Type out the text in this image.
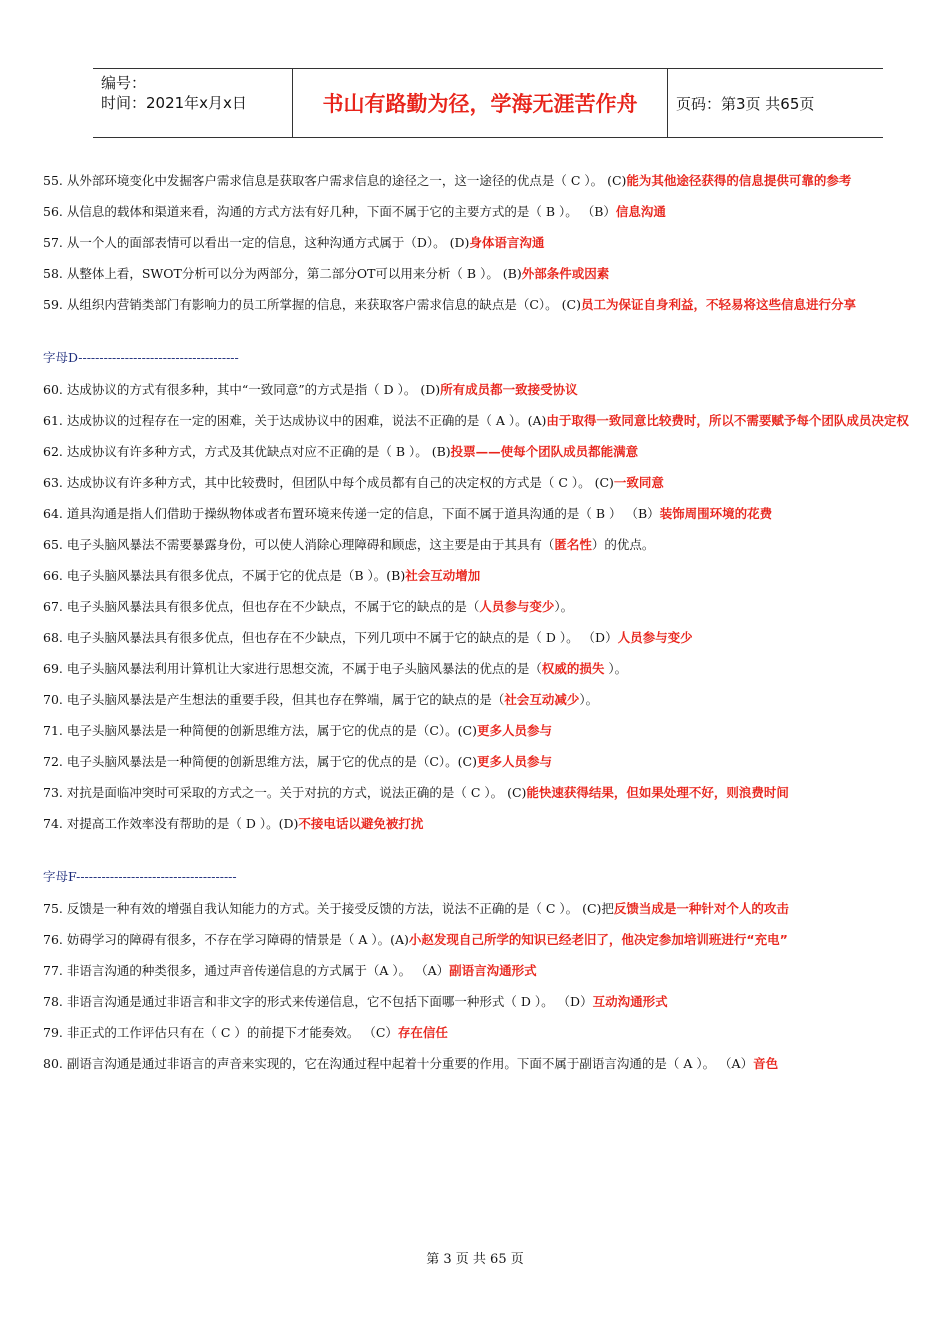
编号：
时间：2021年x月x日	书山有路勤为径，学海无涯苦作舟	页码：第3页 共65页
55. 从外部环境变化中发掘客户需求信息是获取客户需求信息的途径之一，这一途径的优点是（ C ）。 (C)能为其他途径获得的信息提供可靠的参考
56. 从信息的载体和渠道来看，沟通的方式方法有好几种，下面不属于它的主要方式的是（ B ）。 （B）信息沟通
57. 从一个人的面部表情可以看出一定的信息，这种沟通方式属于（D）。 (D)身体语言沟通
58. 从整体上看，SWOT分析可以分为两部分，第二部分OT可以用来分析（ B ）。 (B)外部条件或因素
59. 从组织内营销类部门有影响力的员工所掌握的信息，来获取客户需求信息的缺点是（C）。 (C)员工为保证自身利益，不轻易将这些信息进行分享
字母D--------------------------------------
60. 达成协议的方式有很多种，其中“一致同意”的方式是指（ D ）。 (D)所有成员都一致接受协议
61. 达成协议的过程存在一定的困难，关于达成协议中的困难，说法不正确的是（ A ）。(A)由于取得一致同意比较费时，所以不需要赋予每个团队成员决定权
62. 达成协议有许多种方式，方式及其优缺点对应不正确的是（ B ）。 (B)投票——使每个团队成员都能满意
63. 达成协议有许多种方式，其中比较费时，但团队中每个成员都有自己的决定权的方式是（ C ）。 (C)一致同意
64. 道具沟通是指人们借助于操纵物体或者布置环境来传递一定的信息，下面不属于道具沟通的是（ B ） （B）装饰周围环境的花费
65. 电子头脑风暴法不需要暴露身份，可以使人消除心理障碍和顾虑，这主要是由于其具有（匿名性）的优点。
66. 电子头脑风暴法具有很多优点，不属于它的优点是（B ）。(B)社会互动增加
67. 电子头脑风暴法具有很多优点，但也存在不少缺点，不属于它的缺点的是（人员参与变少）。
68. 电子头脑风暴法具有很多优点，但也存在不少缺点，下列几项中不属于它的缺点的是（ D ）。 （D）人员参与变少
69. 电子头脑风暴法利用计算机让大家进行思想交流，不属于电子头脑风暴法的优点的是（权威的损失 ）。
70. 电子头脑风暴法是产生想法的重要手段，但其也存在弊端，属于它的缺点的是（社会互动减少）。
71. 电子头脑风暴法是一种简便的创新思维方法，属于它的优点的是（C）。(C)更多人员参与
72. 电子头脑风暴法是一种简便的创新思维方法，属于它的优点的是（C）。(C)更多人员参与
73. 对抗是面临冲突时可采取的方式之一。关于对抗的方式，说法正确的是（ C ）。 (C)能快速获得结果，但如果处理不好，则浪费时间
74. 对提高工作效率没有帮助的是（ D ）。(D)不接电话以避免被打扰
字母F--------------------------------------
75. 反馈是一种有效的增强自我认知能力的方式。关于接受反馈的方法，说法不正确的是（ C ）。 (C)把反馈当成是一种针对个人的攻击
76. 妨碍学习的障碍有很多，不存在学习障碍的情景是（ A ）。(A)小赵发现自己所学的知识已经老旧了，他决定参加培训班进行“充电”
77. 非语言沟通的种类很多，通过声音传递信息的方式属于（A ）。 （A）副语言沟通形式
78. 非语言沟通是通过非语言和非文字的形式来传递信息，它不包括下面哪一种形式（ D ）。 （D）互动沟通形式
79. 非正式的工作评估只有在（ C ）的前提下才能奏效。 （C）存在信任
80. 副语言沟通是通过非语言的声音来实现的，它在沟通过程中起着十分重要的作用。下面不属于副语言沟通的是（ A ）。 （A）音色
第 3 页 共 65 页
